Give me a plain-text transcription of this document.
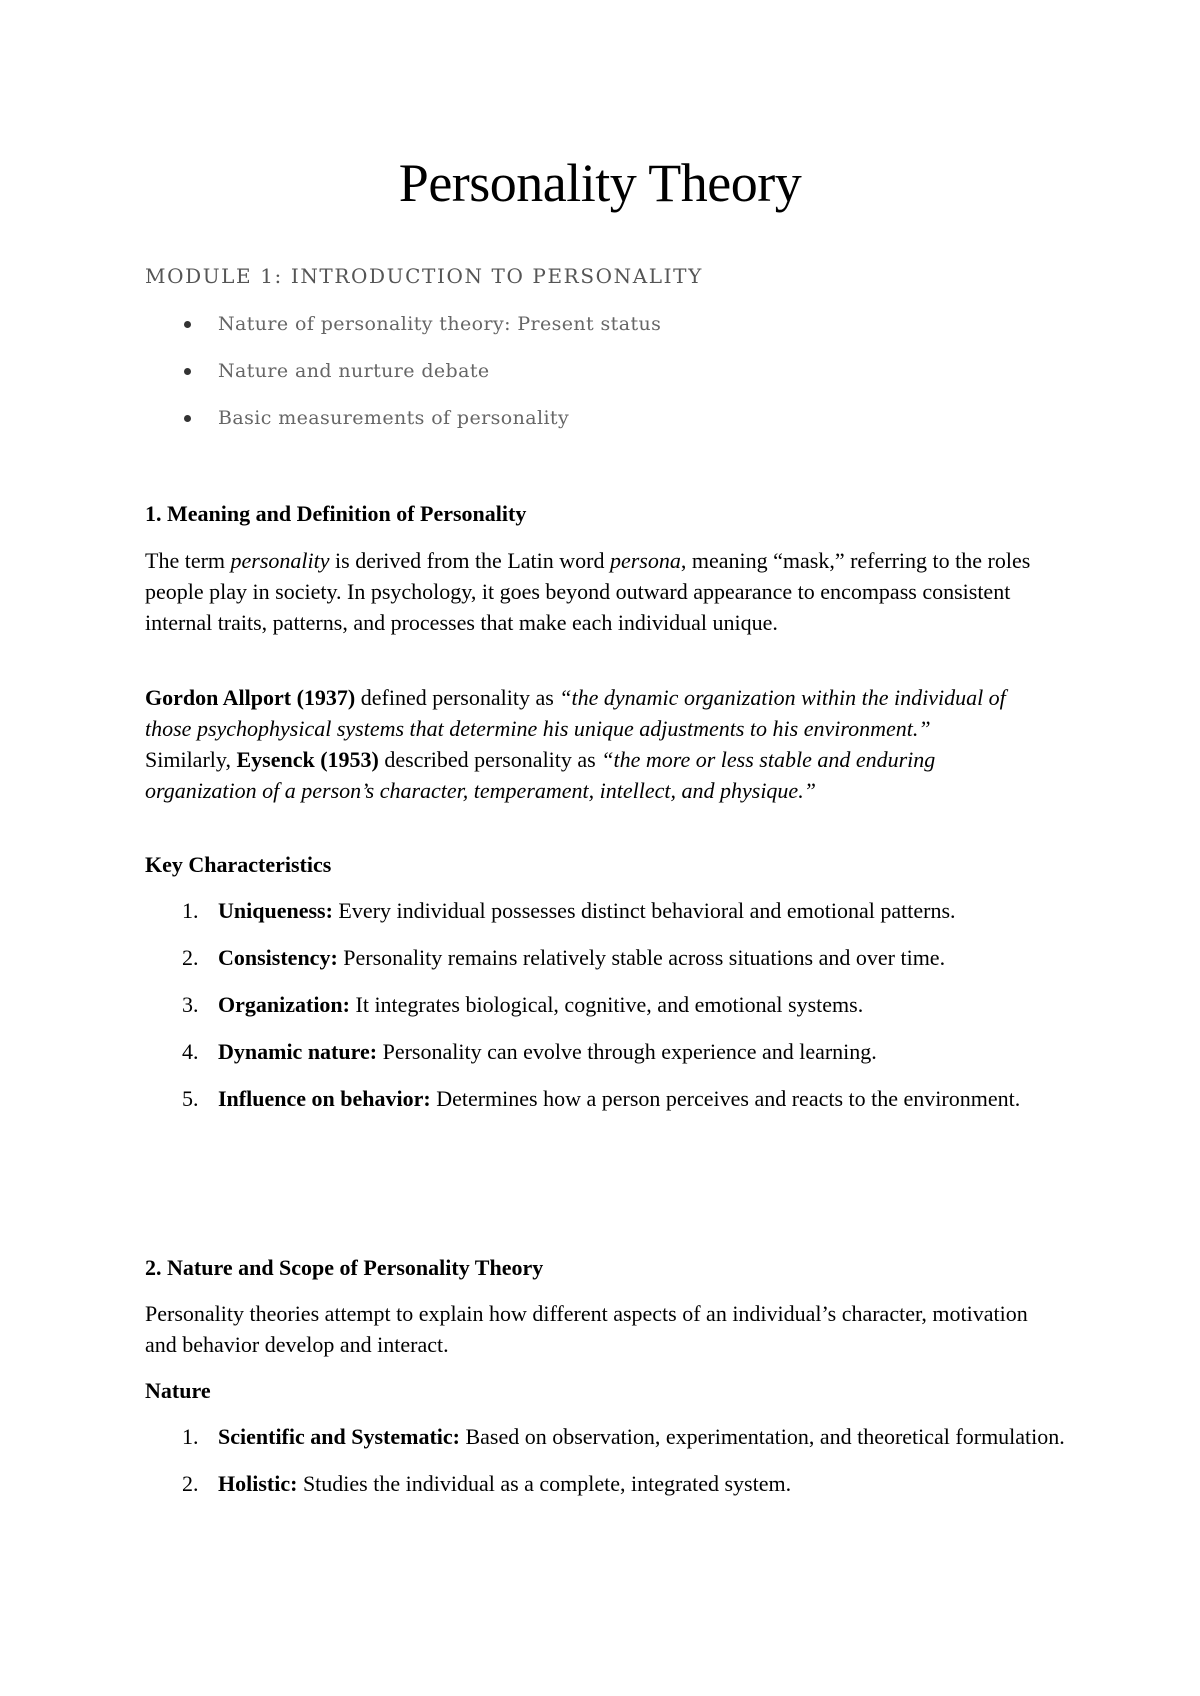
Personality Theory
MODULE 1: INTRODUCTION TO PERSONALITY
Nature of personality theory: Present status
Nature and nurture debate
Basic measurements of personality
1. Meaning and Definition of Personality

The term personality is derived from the Latin word persona, meaning “mask,” referring to the roles people play in society. In psychology, it goes beyond outward appearance to encompass consistent internal traits, patterns, and processes that make each individual unique.

Gordon Allport (1937) defined personality as “the dynamic organization within the individual of those psychophysical systems that determine his unique adjustments to his environment.”
Similarly, Eysenck (1953) described personality as “the more or less stable and enduring organization of a person’s character, temperament, intellect, and physique.”

Key Characteristics
1. Uniqueness: Every individual possesses distinct behavioral and emotional patterns.
2. Consistency: Personality remains relatively stable across situations and over time.
3. Organization: It integrates biological, cognitive, and emotional systems.
4. Dynamic nature: Personality can evolve through experience and learning.
5. Influence on behavior: Determines how a person perceives and reacts to the environment.
2. Nature and Scope of Personality Theory

Personality theories attempt to explain how different aspects of an individual’s character, motivation and behavior develop and interact.

Nature
1. Scientific and Systematic: Based on observation, experimentation, and theoretical formulation.
2. Holistic: Studies the individual as a complete, integrated system.
